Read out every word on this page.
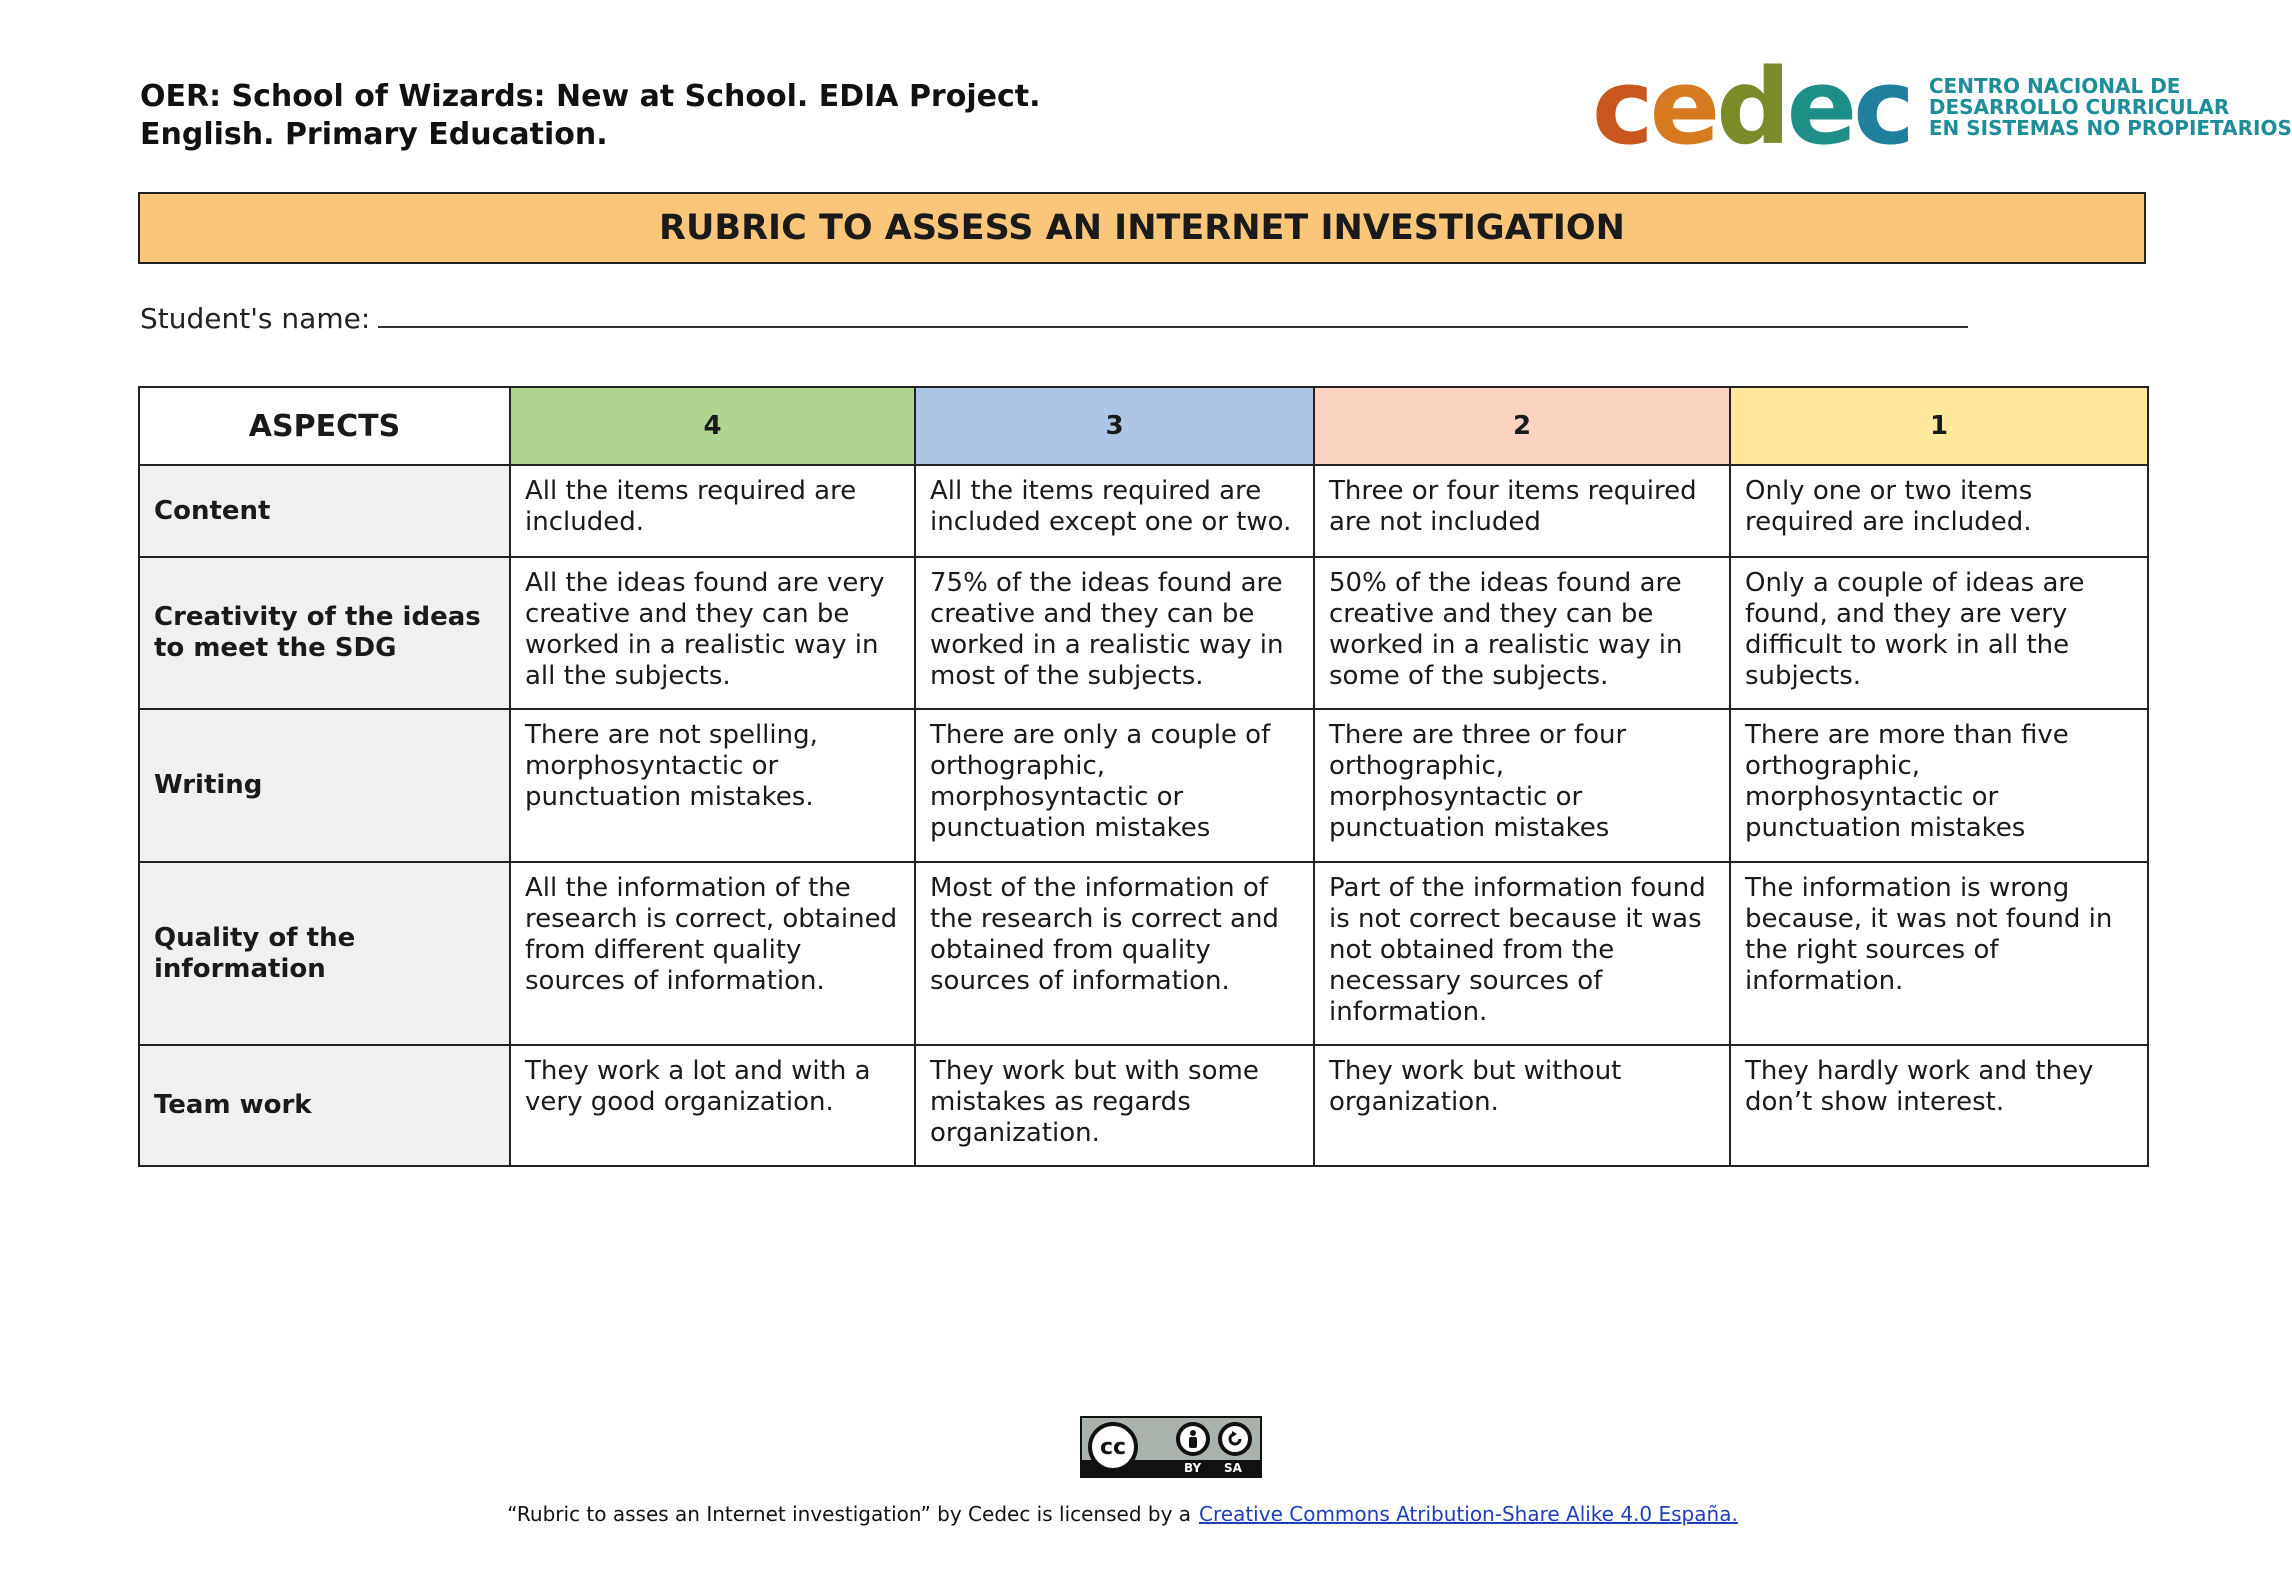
OER: School of Wizards: New at School. EDIA Project.
English. Primary Education.	cedec CENTRO NACIONAL DE
DESARROLLO CURRICULAR
EN SISTEMAS NO PROPIETARIOS
RUBRIC TO ASSESS AN INTERNET INVESTIGATION
Student's name:
ASPECTS	4	3	2	1
Content	All the items required are included.	All the items required are included except one or two.	Three or four items required are not included	Only one or two items required are included.
Creativity of the ideas to meet the SDG	All the ideas found are very creative and they can be worked in a realistic way in all the subjects.	75% of the ideas found are creative and they can be worked in a realistic way in most of the subjects.	50% of the ideas found are creative and they can be worked in a realistic way in some of the subjects.	Only a couple of ideas are found, and they are very difficult to work in all the subjects.
Writing	There are not spelling, morphosyntactic or punctuation mistakes.	There are only a couple of orthographic, morphosyntactic or punctuation mistakes	There are three or four orthographic, morphosyntactic or punctuation mistakes	There are more than five orthographic, morphosyntactic or punctuation mistakes
Quality of the information	All the information of the research is correct, obtained from different quality sources of information.	Most of the information of the research is correct and obtained from quality sources of information.	Part of the information found is not correct because it was not obtained from the necessary sources of information.	The information is wrong because, it was not found in the right sources of information.
Team work	They work a lot and with a very good organization.	They work but with some mistakes as regards organization.	They work but without organization.	They hardly work and they don’t show interest.
cc
BY SA
“Rubric to asses an Internet investigation” by Cedec is licensed by a Creative Commons Atribution-Share Alike 4.0 España.
